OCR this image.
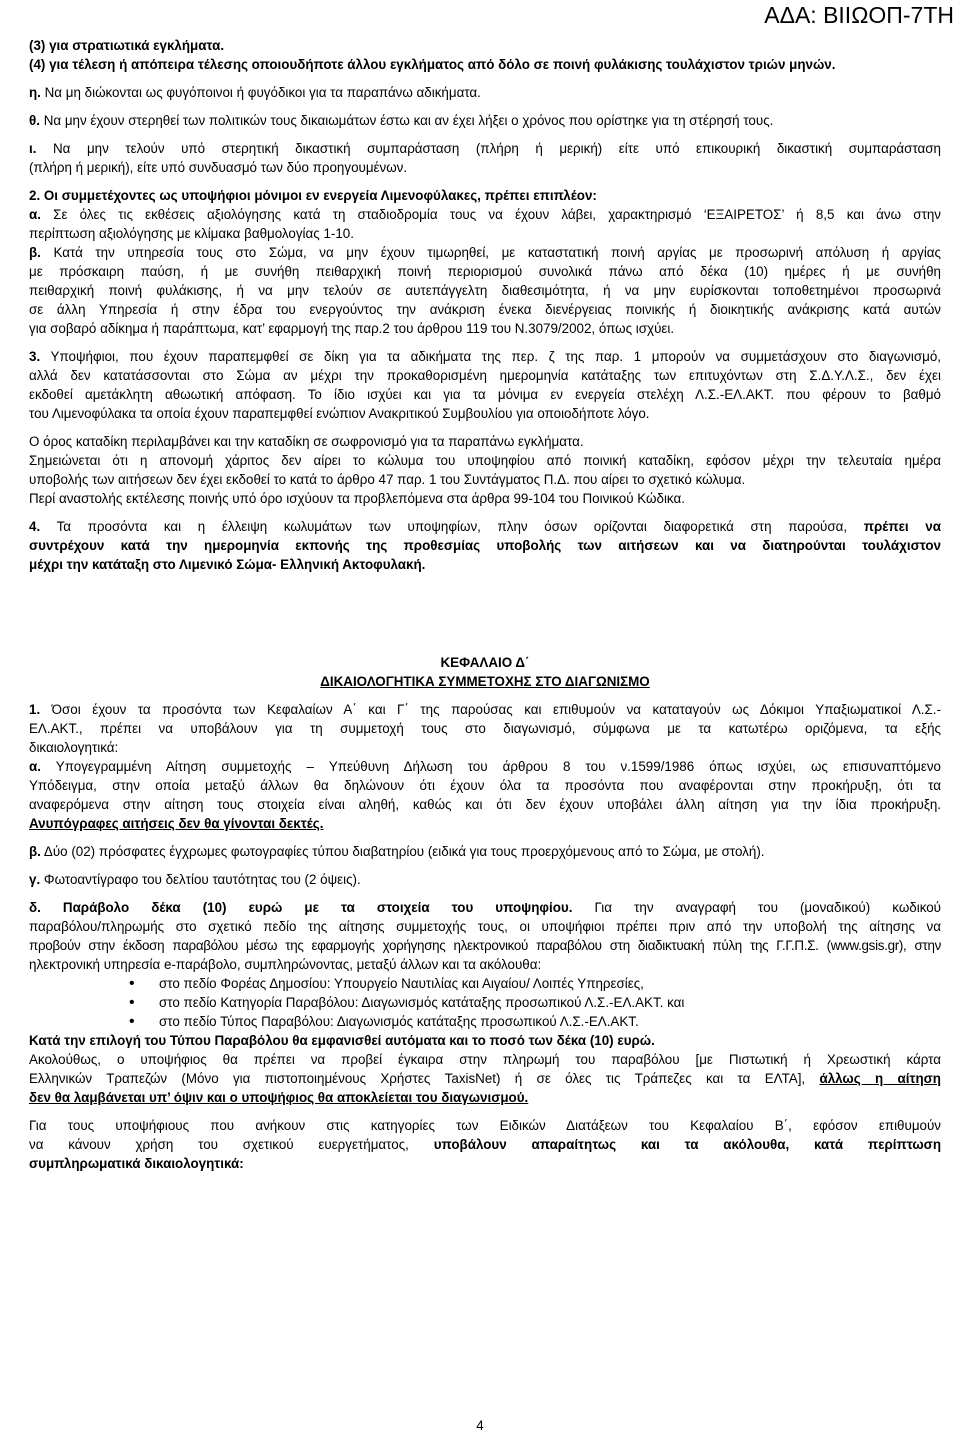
ΑΔΑ: ΒΙΙΩΟΠ-7ΤΗ

(3) για στρατιωτικά εγκλήματα.

(4) για τέλεση ή απόπειρα τέλεσης οποιουδήποτε άλλου εγκλήματος από δόλο σε ποινή φυλάκισης τουλάχιστον τριών μηνών.

η. Να μη διώκονται ως φυγόποινοι ή φυγόδικοι για τα παραπάνω αδικήματα.

θ. Να μην έχουν στερηθεί των πολιτικών τους δικαιωμάτων έστω και αν έχει λήξει ο χρόνος που ορίστηκε για τη στέρησή τους.

ι. Να μην τελούν υπό στερητική δικαστική συμπαράσταση (πλήρη ή μερική) είτε υπό επικουρική δικαστική συμπαράσταση

(πλήρη ή μερική), είτε υπό συνδυασμό των δύο προηγουμένων.

2. Οι συμμετέχοντες ως υποψήφιοι μόνιμοι εν ενεργεία Λιμενοφύλακες, πρέπει επιπλέον:

α. Σε όλες τις εκθέσεις αξιολόγησης κατά τη σταδιοδρομία τους να έχουν λάβει, χαρακτηρισμό ‘ΕΞΑΙΡΕΤΟΣ’ ή 8,5 και άνω στην

περίπτωση αξιολόγησης με κλίμακα βαθμολογίας 1-10.

β. Κατά την υπηρεσία τους στο Σώμα, να μην έχουν τιμωρηθεί, με καταστατική ποινή αργίας με προσωρινή απόλυση ή αργίας

με πρόσκαιρη παύση, ή με συνήθη πειθαρχική ποινή περιορισμού συνολικά πάνω από δέκα (10) ημέρες ή με συνήθη

πειθαρχική ποινή φυλάκισης, ή να μην τελούν σε αυτεπάγγελτη διαθεσιμότητα, ή να μην ευρίσκονται τοποθετημένοι προσωρινά

σε άλλη Υπηρεσία ή στην έδρα του ενεργούντος την ανάκριση ένεκα διενέργειας ποινικής ή διοικητικής ανάκρισης κατά αυτών

για σοβαρό αδίκημα ή παράπτωμα, κατ’ εφαρμογή της παρ.2 του άρθρου 119 του Ν.3079/2002, όπως ισχύει.

3. Υποψήφιοι, που έχουν παραπεμφθεί σε δίκη για τα αδικήματα της περ. ζ της παρ. 1 μπορούν να συμμετάσχουν στο διαγωνισμό,

αλλά δεν κατατάσσονται στο Σώμα αν μέχρι την προκαθορισμένη ημερομηνία κατάταξης των επιτυχόντων στη Σ.Δ.Υ.Λ.Σ., δεν έχει

εκδοθεί αμετάκλητη αθωωτική απόφαση. Το ίδιο ισχύει και για τα μόνιμα εν ενεργεία στελέχη Λ.Σ.-ΕΛ.ΑΚΤ. που φέρουν το βαθμό

του Λιμενοφύλακα τα οποία έχουν παραπεμφθεί ενώπιον Ανακριτικού Συμβουλίου για οποιοδήποτε λόγο.

Ο όρος καταδίκη περιλαμβάνει και την καταδίκη σε σωφρονισμό για τα παραπάνω εγκλήματα.

Σημειώνεται ότι η απονομή χάριτος δεν αίρει το κώλυμα του υποψηφίου από ποινική καταδίκη, εφόσον μέχρι την τελευταία ημέρα

υποβολής των αιτήσεων δεν έχει εκδοθεί το κατά το άρθρο 47 παρ. 1 του Συντάγματος Π.Δ. που αίρει το σχετικό κώλυμα.

Περί αναστολής εκτέλεσης ποινής υπό όρο ισχύουν τα προβλεπόμενα στα άρθρα 99-104 του Ποινικού Κώδικα.

4. Τα προσόντα και η έλλειψη κωλυμάτων των υποψηφίων, πλην όσων ορίζονται διαφορετικά στη παρούσα, πρέπει να

συντρέχουν κατά την ημερομηνία εκπονής της προθεσμίας υποβολής των αιτήσεων και να διατηρούνται τουλάχιστον

μέχρι την κατάταξη στο Λιμενικό Σώμα- Ελληνική Ακτοφυλακή.

ΚΕΦΑΛΑΙΟ Δ΄

ΔΙΚΑΙΟΛΟΓΗΤΙΚΑ ΣΥΜΜΕΤΟΧΗΣ ΣΤΟ ΔΙΑΓΩΝΙΣΜΟ

1. Όσοι έχουν τα προσόντα των Κεφαλαίων Α΄ και Γ΄ της παρούσας και επιθυμούν να καταταγούν ως Δόκιμοι Υπαξιωματικοί Λ.Σ.-

ΕΛ.ΑΚΤ., πρέπει να υποβάλουν για τη συμμετοχή τους στο διαγωνισμό, σύμφωνα με τα κατωτέρω οριζόμενα, τα εξής

δικαιολογητικά:

α. Υπογεγραμμένη Αίτηση συμμετοχής – Υπεύθυνη Δήλωση του άρθρου 8 του ν.1599/1986 όπως ισχύει, ως επισυναπτόμενο

Υπόδειγμα, στην οποία μεταξύ άλλων θα δηλώνουν ότι έχουν όλα τα προσόντα που αναφέρονται στην προκήρυξη, ότι τα

αναφερόμενα στην αίτηση τους στοιχεία είναι αληθή, καθώς και ότι δεν έχουν υποβάλει άλλη αίτηση για την ίδια προκήρυξη.

Ανυπόγραφες αιτήσεις δεν θα γίνονται δεκτές.

β. Δύο (02) πρόσφατες έγχρωμες φωτογραφίες τύπου διαβατηρίου (ειδικά για τους προερχόμενους από το Σώμα, με στολή).

γ. Φωτοαντίγραφο του δελτίου ταυτότητας του (2 όψεις).

δ. Παράβολο δέκα (10) ευρώ με τα στοιχεία του υποψηφίου. Για την αναγραφή του (μοναδικού) κωδικού

παραβόλου/πληρωμής στο σχετικό πεδίο της αίτησης συμμετοχής τους, οι υποψήφιοι πρέπει πριν από την υποβολή της αίτησης να

προβούν στην έκδοση παραβόλου μέσω της εφαρμογής χορήγησης ηλεκτρονικού παραβόλου στη διαδικτυακή πύλη της Γ.Γ.Π.Σ. (www.gsis.gr), στην

ηλεκτρονική υπηρεσία e-παράβολο, συμπληρώνοντας, μεταξύ άλλων και τα ακόλουθα:

• στο πεδίο Φορέας Δημοσίου: Υπουργείο Ναυτιλίας και Αιγαίου/ Λοιπές Υπηρεσίες,
• στο πεδίο Κατηγορία Παραβόλου: Διαγωνισμός κατάταξης προσωπικού Λ.Σ.-ΕΛ.ΑΚΤ. και
• στο πεδίο Τύπος Παραβόλου: Διαγωνισμός κατάταξης προσωπικού Λ.Σ.-ΕΛ.ΑΚΤ.

Κατά την επιλογή του Τύπου Παραβόλου θα εμφανισθεί αυτόματα και το ποσό των δέκα (10) ευρώ.

Ακολούθως, ο υποψήφιος θα πρέπει να προβεί έγκαιρα στην πληρωμή του παραβόλου [με Πιστωτική ή Χρεωστική κάρτα

Ελληνικών Τραπεζών (Μόνο για πιστοποιημένους Χρήστες TaxisNet) ή σε όλες τις Τράπεζες και τα ΕΛΤΑ], άλλως η αίτηση

δεν θα λαμβάνεται υπ’ όψιν και ο υποψήφιος θα αποκλείεται του διαγωνισμού.

Για τους υποψήφιους που ανήκουν στις κατηγορίες των Ειδικών Διατάξεων του Κεφαλαίου Β΄, εφόσον επιθυμούν

να κάνουν χρήση του σχετικού ευεργετήματος, υποβάλουν απαραίτητως και τα ακόλουθα, κατά περίπτωση

συμπληρωματικά δικαιολογητικά:

4
